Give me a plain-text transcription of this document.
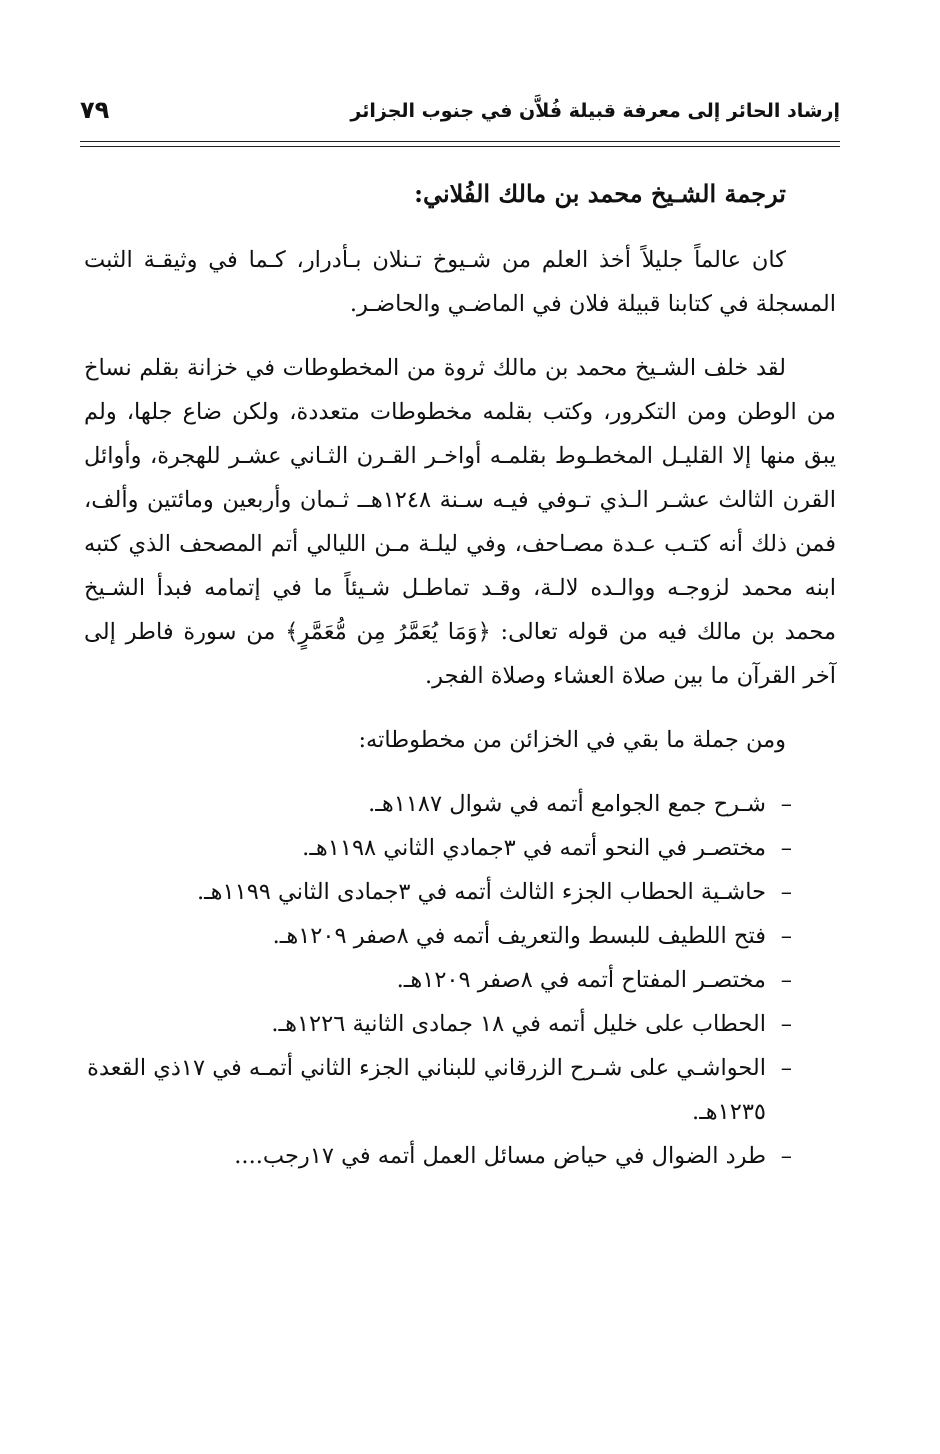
إرشاد الحائر إلى معرفة قبيلة فُلاَّن في جنوب الجزائر
٧٩
ترجمة الشـيخ محمد بن مالك الفُلاني:

كان عالماً جليلاً أخذ العلم من شـيوخ تـنلان بـأدرار، كـما في وثيقـة الثبت المسجلة في كتابنا قبيلة فلان في الماضـي والحاضـر.

لقد خلف الشـيخ محمد بن مالك ثروة من المخطوطات في خزانة بقلم نساخ من الوطن ومن التكرور، وكتب بقلمه مخطوطات متعددة، ولكن ضاع جلها، ولم يبق منها إلا القليـل المخطـوط بقلمـه أواخـر القـرن الثـاني عشـر للهجرة، وأوائل القرن الثالث عشـر الـذي تـوفي فيـه سـنة ١٢٤٨هــ ثـمان وأربعين ومائتين وألف، فمن ذلك أنه كتـب عـدة مصـاحف، وفي ليلـة مـن الليالي أتم المصحف الذي كتبه ابنه محمد لزوجـه ووالـده لالـة، وقـد تماطـل شـيئاً ما في إتمامه فبدأ الشـيخ محمد بن مالك فيه من قوله تعالى: ﴿وَمَا يُعَمَّرُ مِن مُّعَمَّرٍ﴾ من سورة فاطر إلى آخر القرآن ما بين صلاة العشاء وصلاة الفجر.

ومن جملة ما بقي في الخزائن من مخطوطاته:

–
شـرح جمع الجوامع أتمه في شوال ١١٨٧هـ.
–
مختصـر في النحو أتمه في ٣جمادي الثاني ١١٩٨هـ.
–
حاشـية الحطاب الجزء الثالث أتمه في ٣جمادى الثاني ١١٩٩هـ.
–
فتح اللطيف للبسط والتعريف أتمه في ٨صفر ١٢٠٩هـ.
–
مختصـر المفتاح أتمه في ٨صفر ١٢٠٩هـ.
–
الحطاب على خليل أتمه في ١٨ جمادى الثانية ١٢٢٦هـ.
–
الحواشـي على شـرح الزرقاني للبناني الجزء الثاني أتمـه في ١٧ذي القعدة ١٢٣٥هـ.
–
طرد الضوال في حياض مسائل العمل أتمه في ١٧رجب....
